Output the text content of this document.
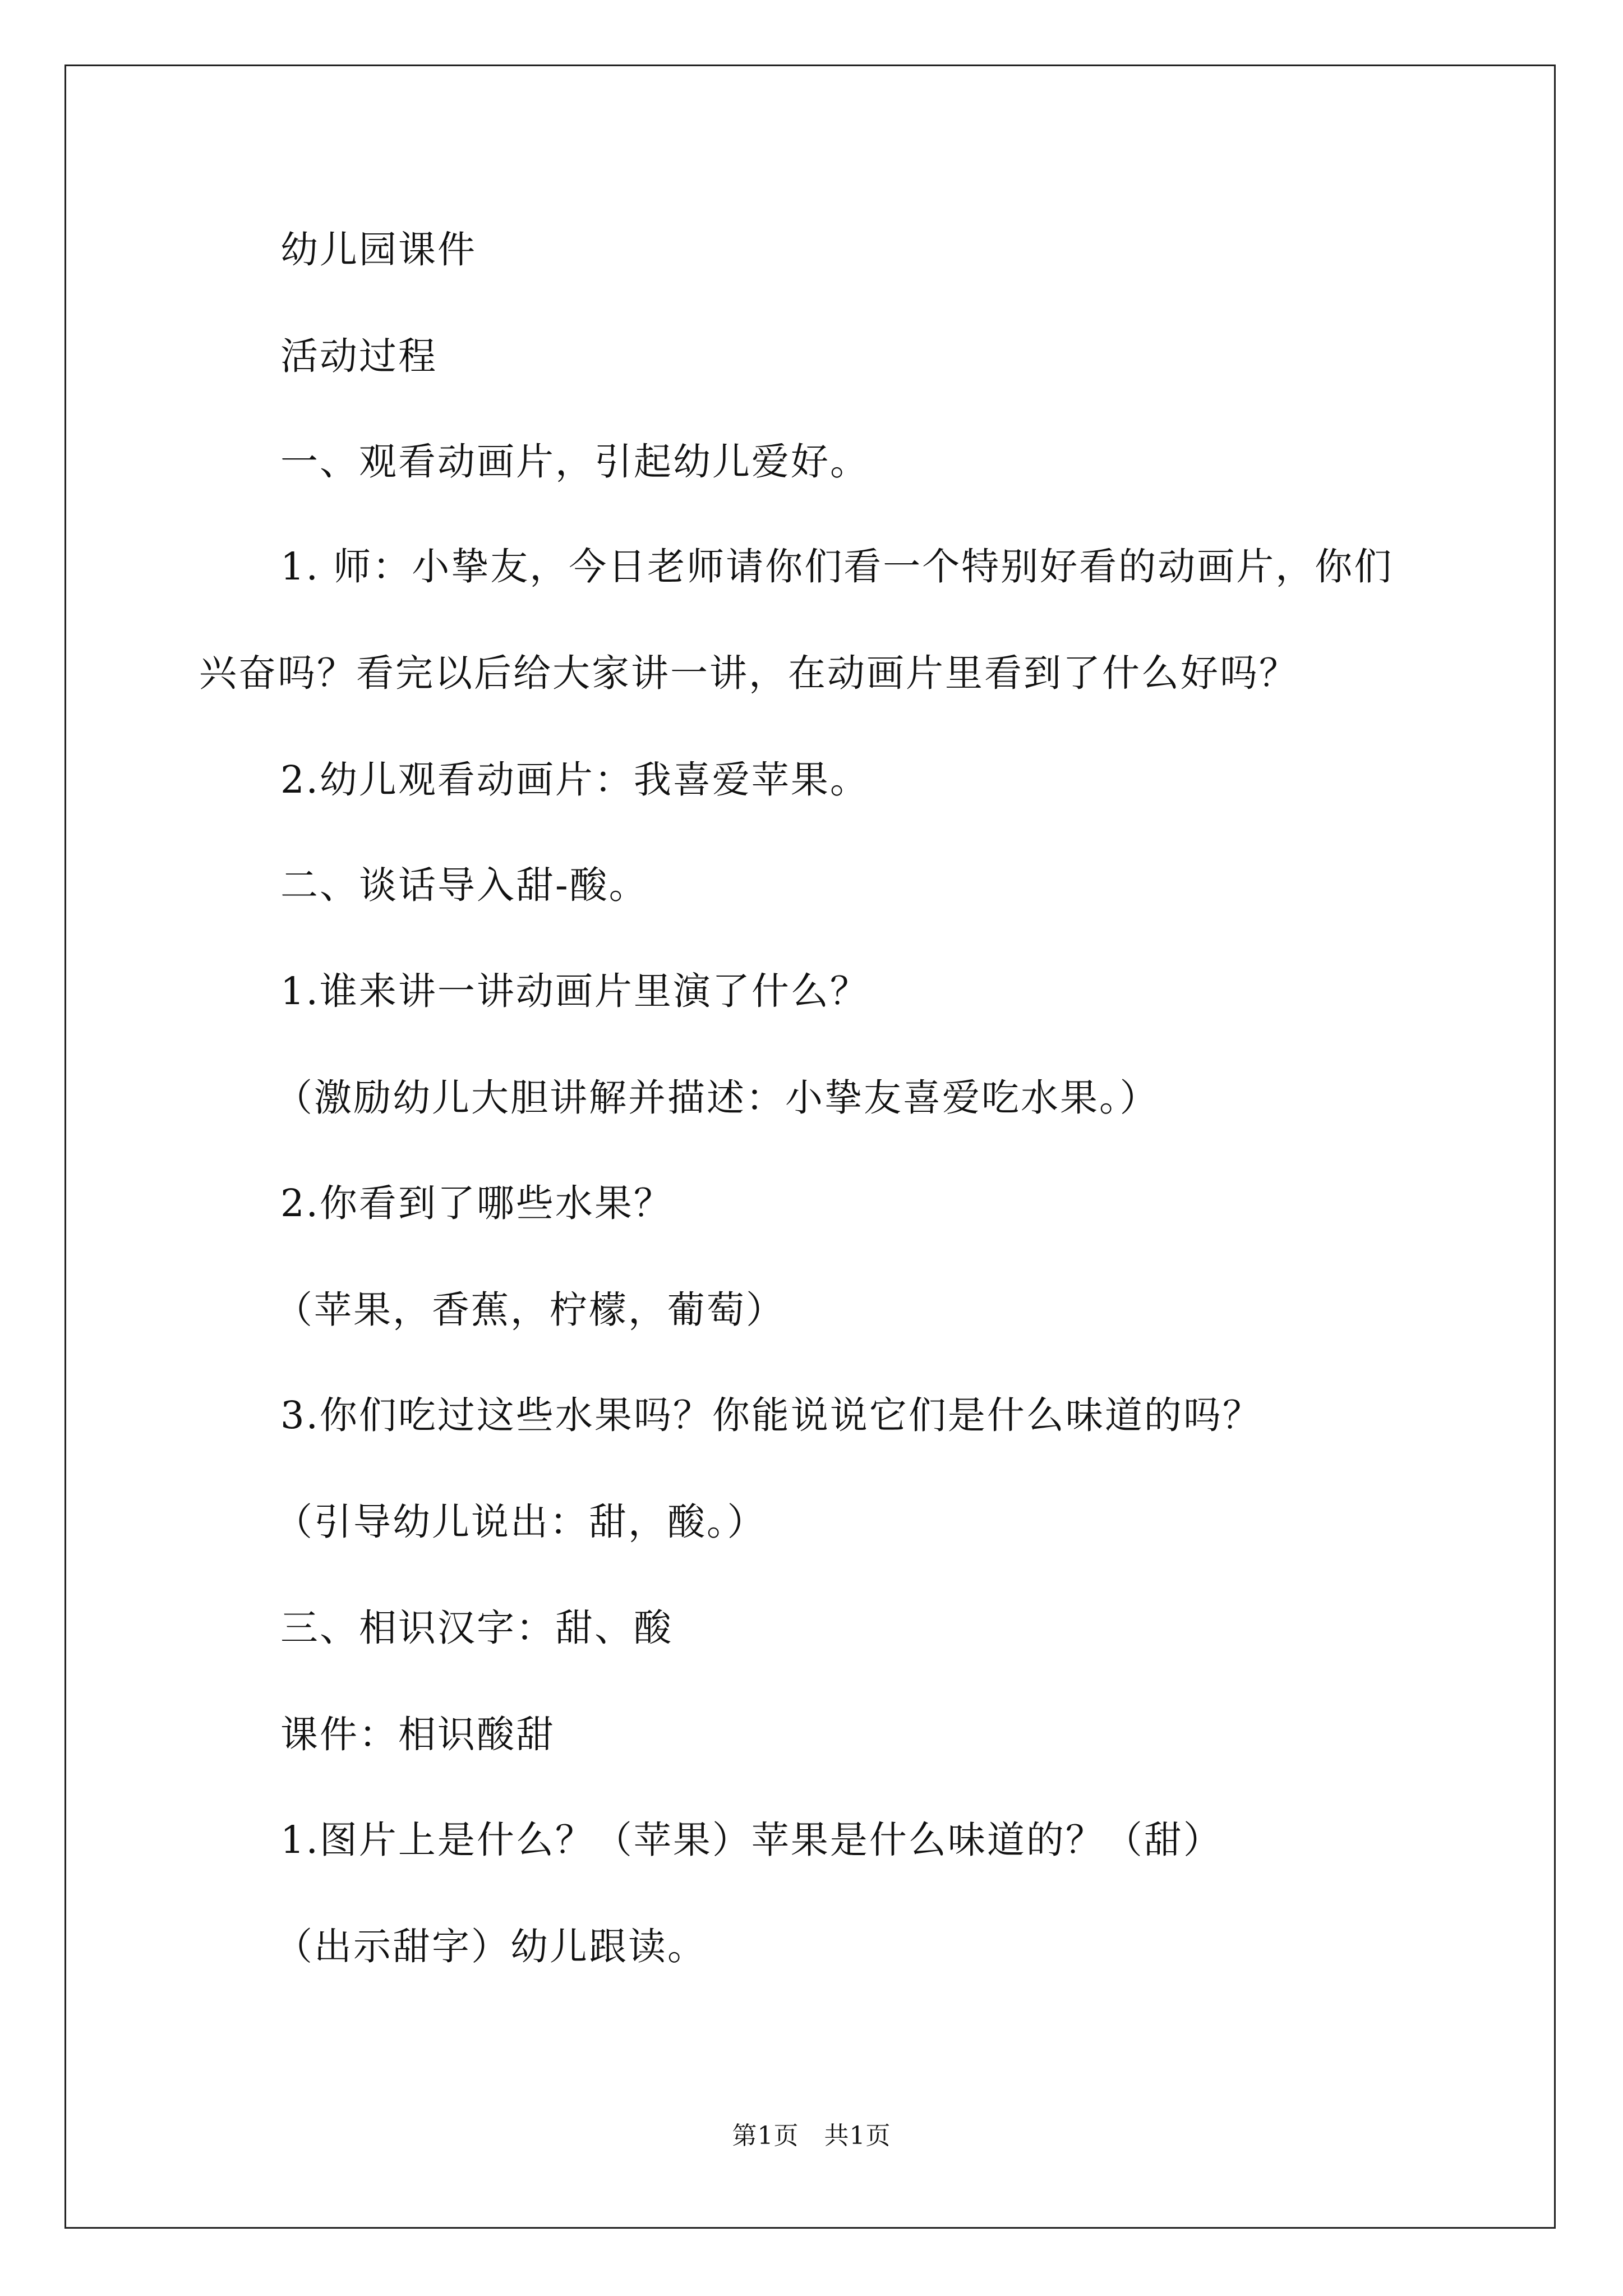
幼儿园课件
活动过程
一、观看动画片，引起幼儿爱好。
1. 师：小挚友，今日老师请你们看一个特别好看的动画片，你们
兴奋吗？看完以后给大家讲一讲，在动画片里看到了什么好吗？
2.幼儿观看动画片：我喜爱苹果。
二、谈话导入甜-酸。
1.谁来讲一讲动画片里演了什么？
（激励幼儿大胆讲解并描述：小挚友喜爱吃水果。）
2.你看到了哪些水果？
（苹果，香蕉，柠檬，葡萄）
3.你们吃过这些水果吗？你能说说它们是什么味道的吗？
（引导幼儿说出：甜，酸。）
三、相识汉字：甜、酸
课件：相识酸甜
1.图片上是什么？（苹果）苹果是什么味道的？（甜）
（出示甜字）幼儿跟读。
第1页   共1页
